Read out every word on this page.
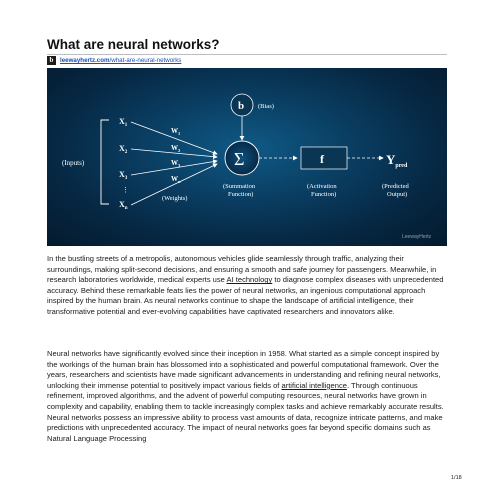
What are neural networks?
b	leewayhertz.com /what-are-neural-networks
(Inputs)
$X_1$
$X_2$
$X_3$
⋮
$X_n$
$W_1$
$W_2$
$W_3$
$W_n$
(Weights)
b (Bias)
Σ
(Summation
Function)
f
(Activation
Function)
$Y_{pred}$
(Predicted
Output)
LeewayHertz
In the bustling streets of a metropolis, autonomous vehicles glide seamlessly through traffic, analyzing their surroundings, making split-second decisions, and ensuring a smooth and safe journey for passengers. Meanwhile, in research laboratories worldwide, medical experts use AI technology to diagnose complex diseases with unprecedented accuracy. Behind these remarkable feats lies the power of neural networks, an ingenious computational approach inspired by the human brain. As neural networks continue to shape the landscape of artificial intelligence, their transformative potential and ever-evolving capabilities have captivated researchers and innovators alike.
Neural networks have significantly evolved since their inception in 1958. What started as a simple concept inspired by the workings of the human brain has blossomed into a sophisticated and powerful computational framework. Over the years, researchers and scientists have made significant advancements in understanding and refining neural networks, unlocking their immense potential to positively impact various fields of artificial intelligence. Through continuous refinement, improved algorithms, and the advent of powerful computing resources, neural networks have grown in complexity and capability, enabling them to tackle increasingly complex tasks and achieve remarkably accurate results. Neural networks possess an impressive ability to process vast amounts of data, recognize intricate patterns, and make predictions with unprecedented accuracy. The impact of neural networks goes far beyond specific domains such as Natural Language Processing
1/18
